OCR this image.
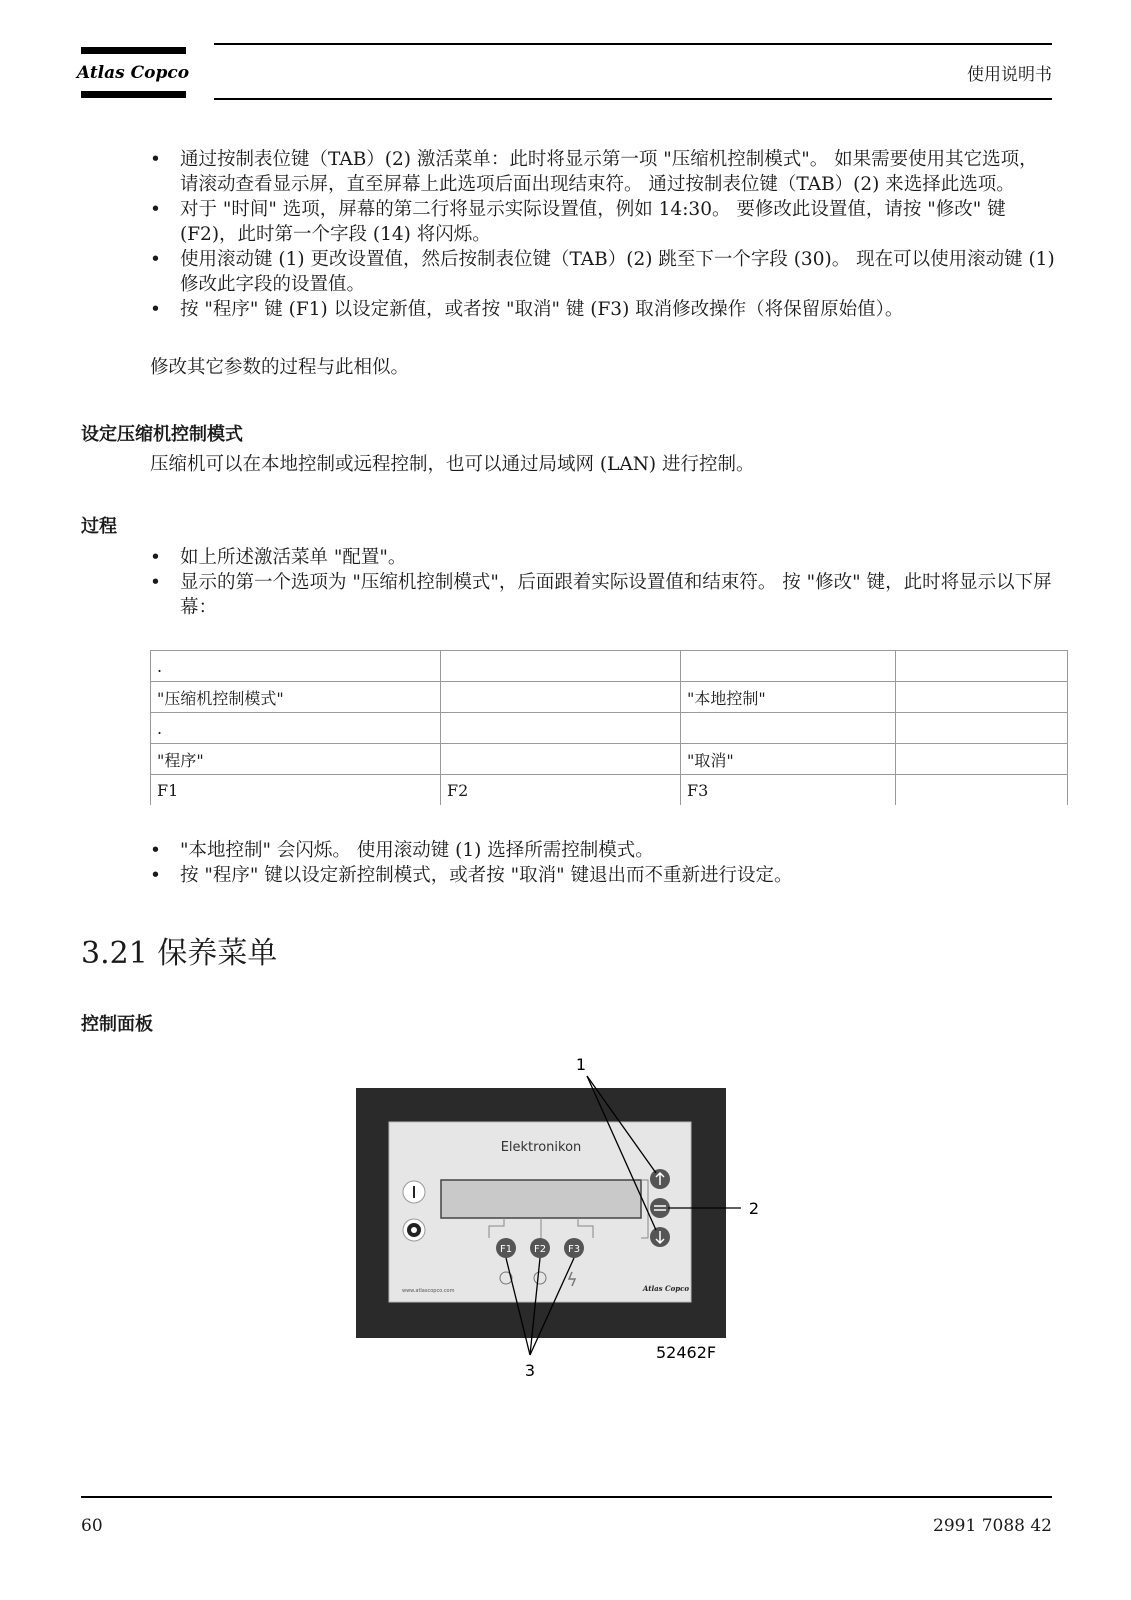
Atlas Copco	使用说明书
• 通过按制表位键（TAB）(2) 激活菜单：此时将显示第一项 "压缩机控制模式"。 如果需要使用其它选项，请滚动查看显示屏，直至屏幕上此选项后面出现结束符。 通过按制表位键（TAB）(2) 来选择此选项。
• 对于 "时间" 选项，屏幕的第二行将显示实际设置值，例如 14:30。 要修改此设置值，请按 "修改" 键 (F2)，此时第一个字段 (14) 将闪烁。
• 使用滚动键 (1) 更改设置值，然后按制表位键（TAB）(2) 跳至下一个字段 (30)。 现在可以使用滚动键 (1) 修改此字段的设置值。
• 按 "程序" 键 (F1) 以设定新值，或者按 "取消" 键 (F3) 取消修改操作（将保留原始值）。
修改其它参数的过程与此相似。
设定压缩机控制模式
压缩机可以在本地控制或远程控制，也可以通过局域网 (LAN) 进行控制。
过程
• 如上所述激活菜单 "配置"。
• 显示的第一个选项为 "压缩机控制模式"，后面跟着实际设置值和结束符。 按 "修改" 键，此时将显示以下屏幕：
.			
"压缩机控制模式"		"本地控制"	
.			
"程序"		"取消"	
F1	F2	F3	
• "本地控制" 会闪烁。 使用滚动键 (1) 选择所需控制模式。
• 按 "程序" 键以设定新控制模式，或者按 "取消" 键退出而不重新进行设定。
3.21 保养菜单
控制面板
Elektronikon
F1 F2 F3
www.atlascopco.com	Atlas Copco
1
2
3
52462F
60	2991 7088 42
